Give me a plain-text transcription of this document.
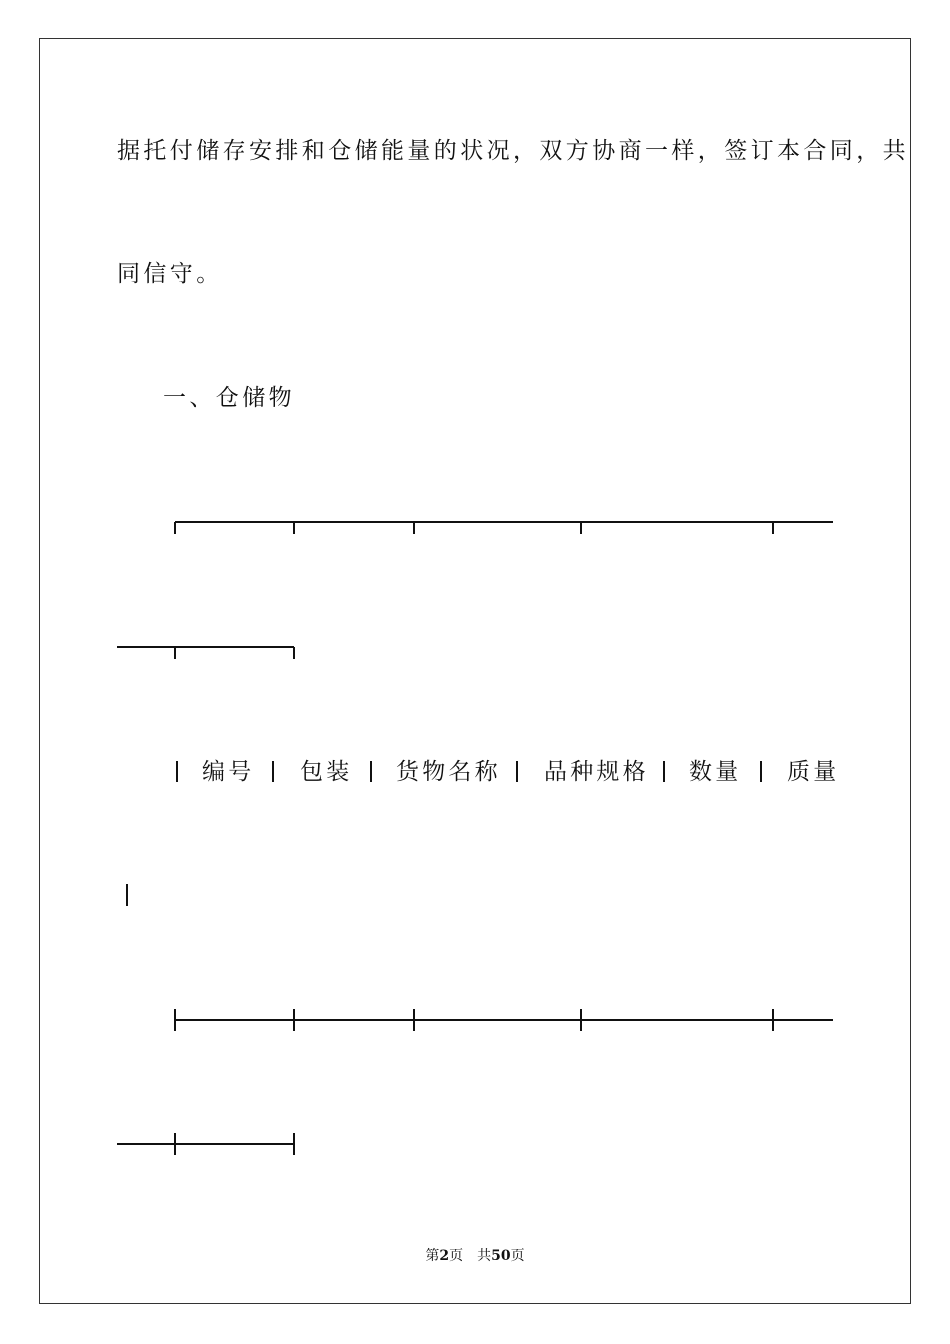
据托付储存安排和仓储能量的状况，双方协商一样，签订本合同，共
同信守。
一、仓储物
编号 包装 货物名称 品种规格 数量 质量
第2页 共50页
